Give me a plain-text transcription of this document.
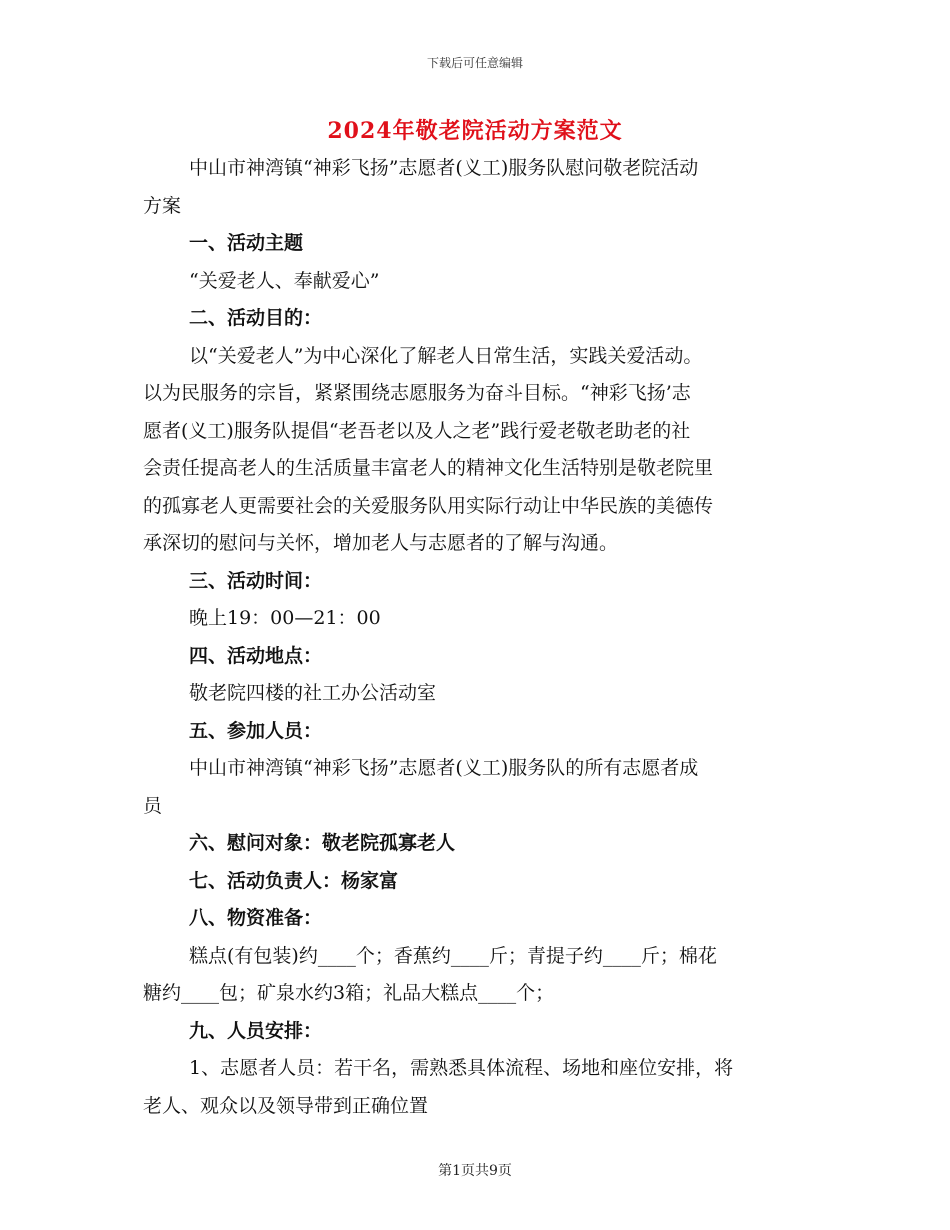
下载后可任意编辑
2024年敬老院活动方案范文
中山市神湾镇“神彩飞扬”志愿者(义工)服务队慰问敬老院活动
方案
一、活动主题
“关爱老人、奉献爱心”
二、活动目的：
以“关爱老人”为中心深化了解老人日常生活，实践关爱活动。
以为民服务的宗旨，紧紧围绕志愿服务为奋斗目标。“神彩飞扬’志
愿者(义工)服务队提倡“老吾老以及人之老”践行爱老敬老助老的社
会责任提高老人的生活质量丰富老人的精神文化生活特别是敬老院里
的孤寡老人更需要社会的关爱服务队用实际行动让中华民族的美德传
承深切的慰问与关怀，增加老人与志愿者的了解与沟通。
三、活动时间：
晚上19：00—21：00
四、活动地点：
敬老院四楼的社工办公活动室
五、参加人员：
中山市神湾镇“神彩飞扬”志愿者(义工)服务队的所有志愿者成
员
六、慰问对象：敬老院孤寡老人
七、活动负责人：杨家富
八、物资准备：
糕点(有包装)约____个；香蕉约____斤；青提子约____斤；棉花
糖约____包；矿泉水约3箱；礼品大糕点____个；
九、人员安排：
1、志愿者人员：若干名，需熟悉具体流程、场地和座位安排，将
老人、观众以及领导带到正确位置
第1页共9页
